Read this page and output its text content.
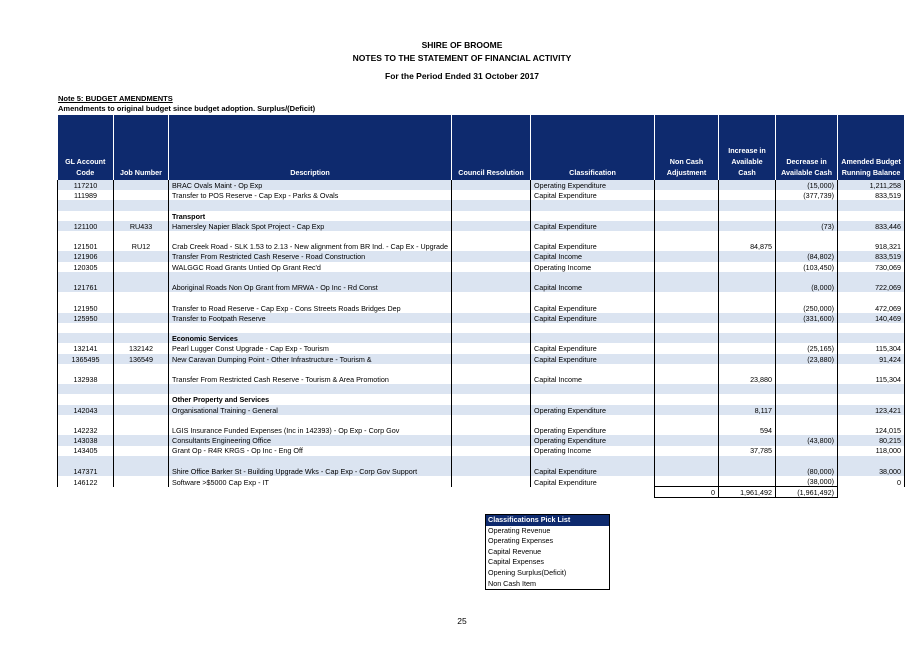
SHIRE OF BROOME
NOTES TO THE STATEMENT OF FINANCIAL ACTIVITY
For the Period Ended 31 October 2017
Note 5: BUDGET AMENDMENTS
Amendments to original budget since budget adoption. Surplus/(Deficit)
GL Account Code	Job Number	Description	Council Resolution	Classification	Non Cash Adjustment	Increase in Available Cash	Decrease in Available Cash	Amended Budget Running Balance
117210		BRAC Ovals Maint - Op Exp		Operating Expenditure			(15,000)	1,211,258
111989		Transfer to POS Reserve - Cap Exp - Parks & Ovals		Capital Expenditure			(377,739)	833,519

		Transport						
121100	RU433	Hamersley Napier Black Spot Project - Cap Exp		Capital Expenditure			(73)	833,446
121501	RU12	Crab Creek Road - SLK 1.53 to 2.13 - New alignment from BR Ind. - Cap Ex - Upgrade		Capital Expenditure		84,875		918,321
121906		Transfer From Restricted Cash Reserve - Road Construction		Capital Income			(84,802)	833,519
120305		WALGGC Road Grants Untied Op Grant Rec'd		Operating Income			(103,450)	730,069
121761		Aboriginal Roads Non Op Grant from MRWA - Op Inc - Rd Const		Capital Income			(8,000)	722,069
121950		Transfer to Road Reserve - Cap Exp - Cons Streets Roads Bridges Dep		Capital Expenditure			(250,000)	472,069
125950		Transfer to Footpath Reserve		Capital Expenditure			(331,600)	140,469

		Economic Services						
132141	132142	Pearl Lugger Const Upgrade - Cap Exp - Tourism		Capital Expenditure			(25,165)	115,304
1365495	136549	New Caravan Dumping Point - Other Infrastructure - Tourism &		Capital Expenditure			(23,880)	91,424
132938		Transfer From Restricted Cash Reserve - Tourism & Area Promotion		Capital Income		23,880		115,304

		Other Property and Services						
142043		Organisational Training - General		Operating Expenditure		8,117		123,421
142232		LGIS Insurance Funded Expenses (Inc in 142393) - Op Exp - Corp Gov		Operating Expenditure		594		124,015
143038		Consultants Engineering Office		Operating Expenditure			(43,800)	80,215
143405		Grant Op - R4R KRGS - Op Inc - Eng Off		Operating Income		37,785		118,000
147371		Shire Office Barker St - Building Upgrade Wks - Cap Exp - Corp Gov Support		Capital Expenditure			(80,000)	38,000
146122		Software >$5000 Cap Exp - IT		Capital Expenditure			(38,000)	0
					0	1,961,492	(1,961,492)	
Classifications Pick List
Operating Revenue
Operating Expenses
Capital Revenue
Capital Expenses
Opening Surplus(Deficit)
Non Cash Item
25
